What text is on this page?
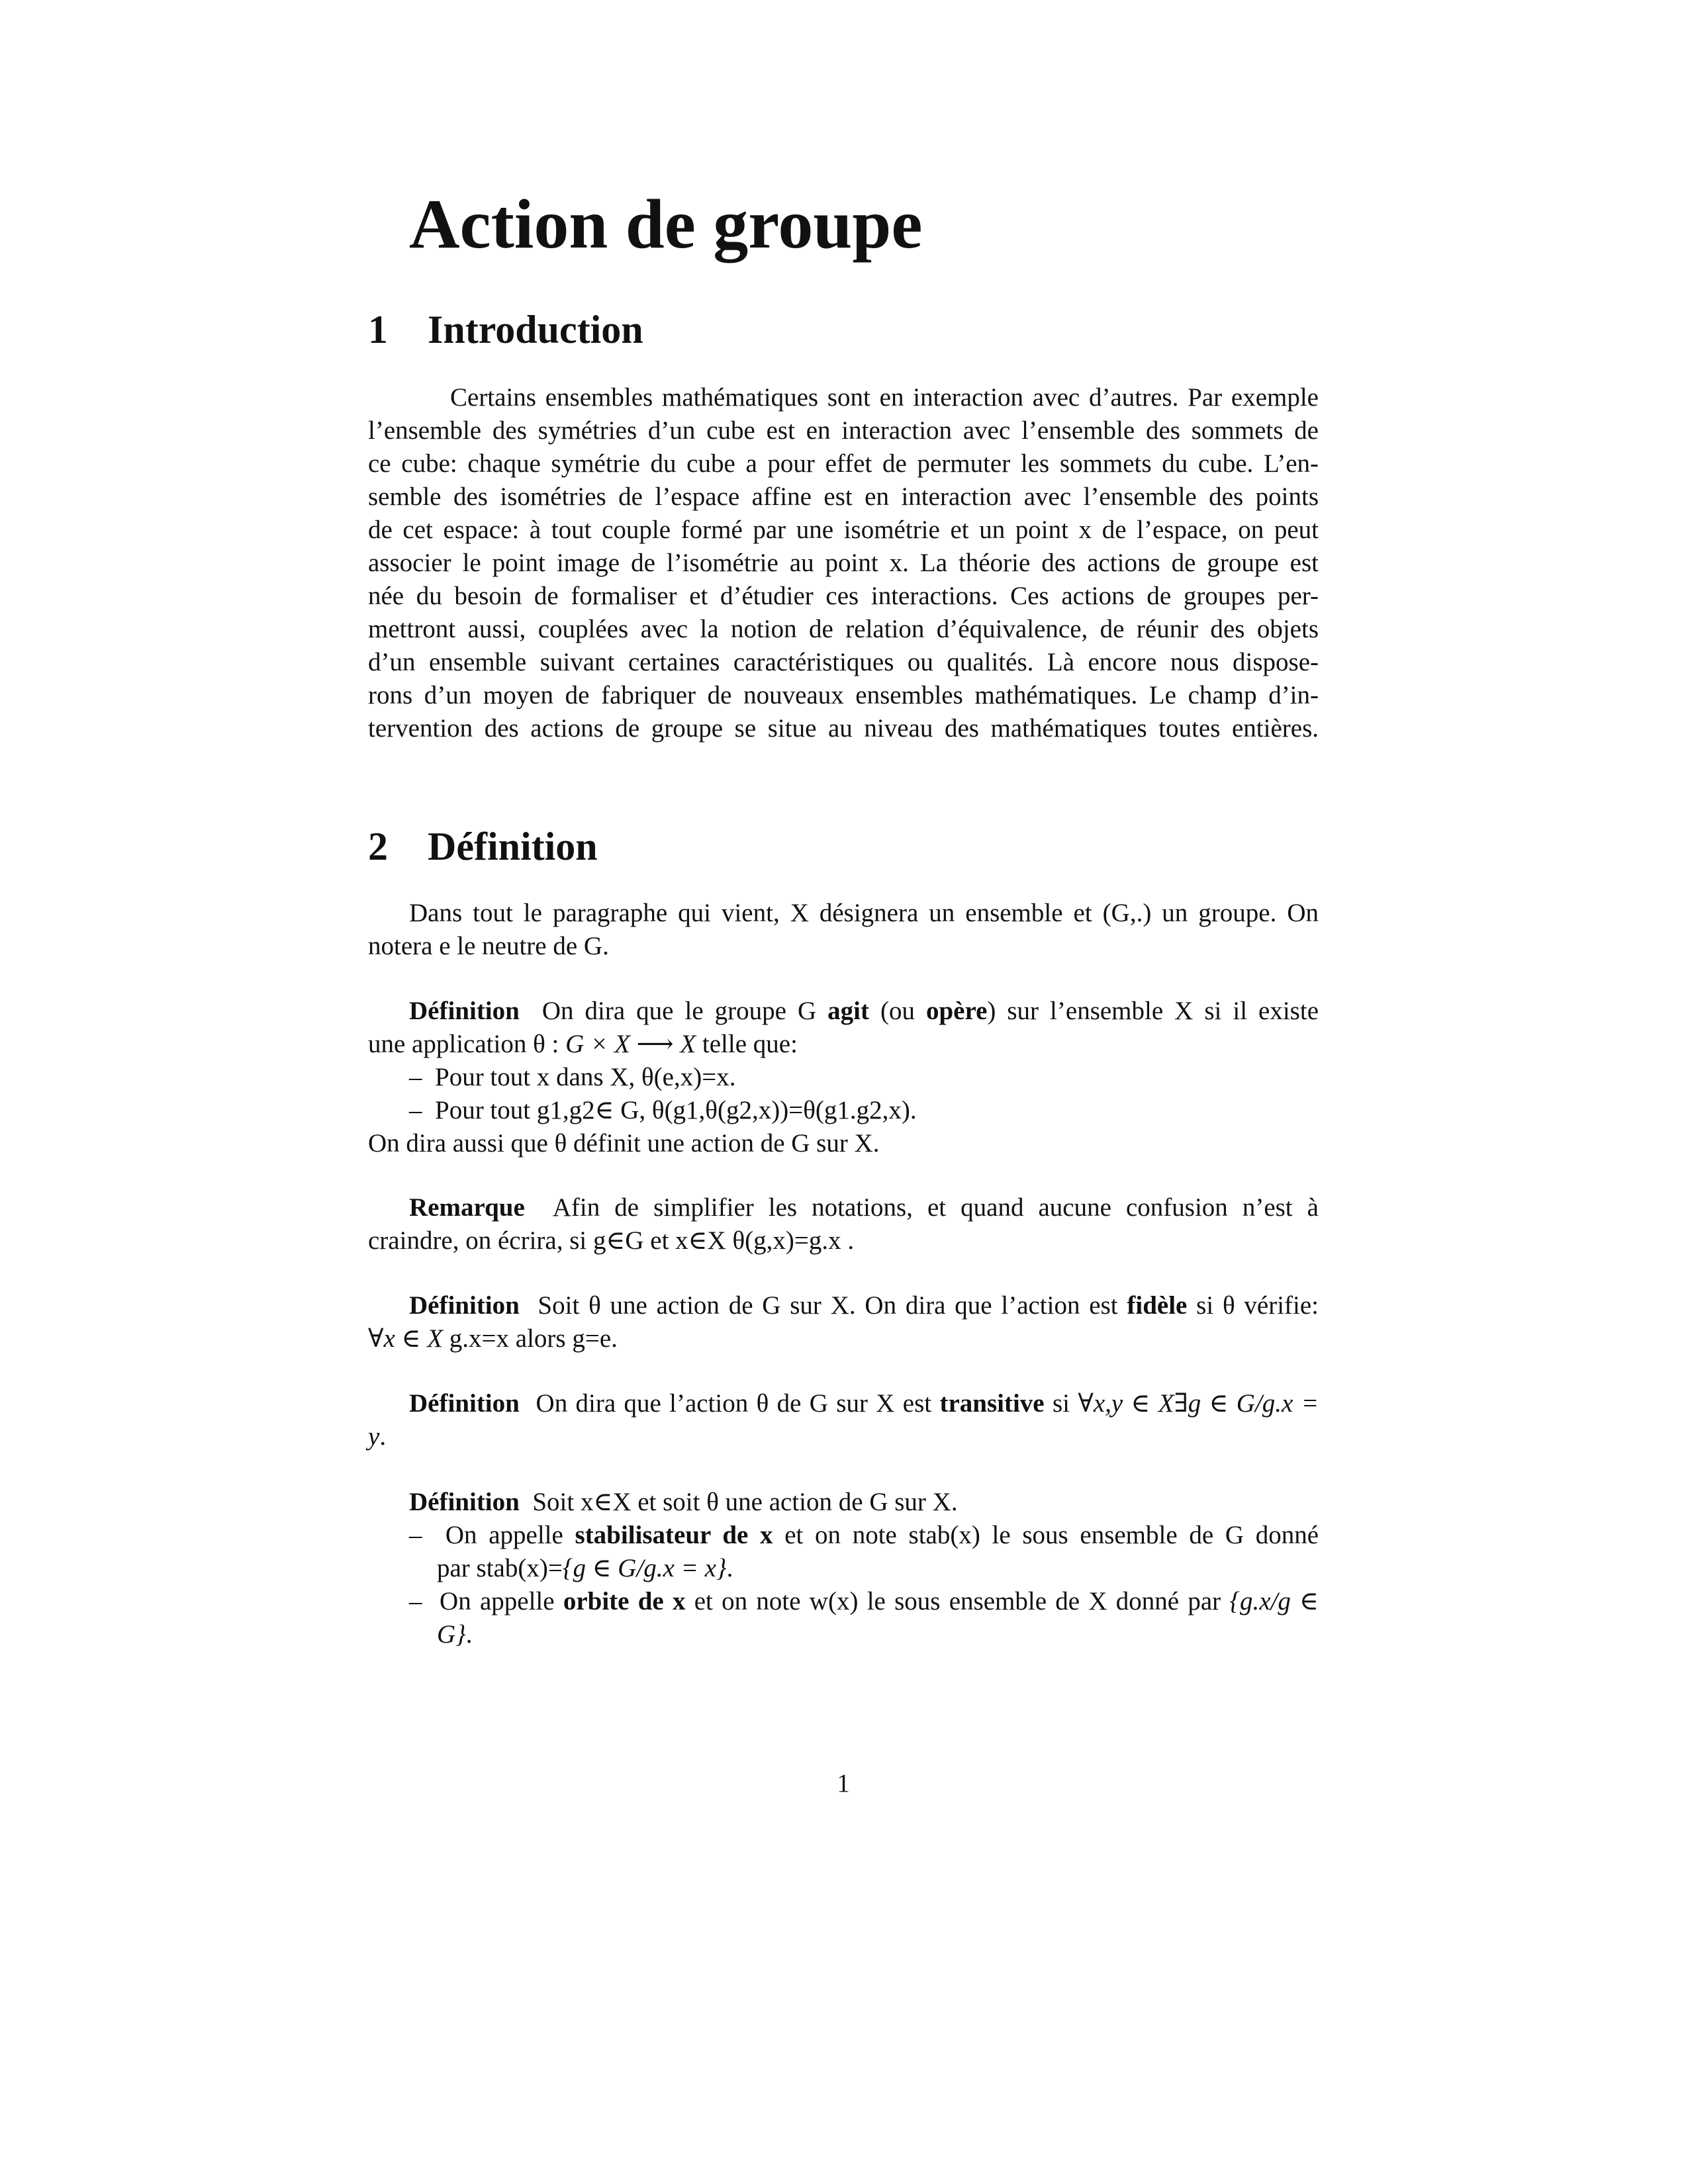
Action de groupe
1 Introduction

Certains ensembles mathématiques sont en interaction avec d’autres. Par exemple
l’ensemble des symétries d’un cube est en interaction avec l’ensemble des sommets de
ce cube: chaque symétrie du cube a pour effet de permuter les sommets du cube. L’en-
semble des isométries de l’espace affine est en interaction avec l’ensemble des points
de cet espace: à tout couple formé par une isométrie et un point x de l’espace, on peut
associer le point image de l’isométrie au point x. La théorie des actions de groupe est
née du besoin de formaliser et d’étudier ces interactions. Ces actions de groupes per-
mettront aussi, couplées avec la notion de relation d’équivalence, de réunir des objets
d’un ensemble suivant certaines caractéristiques ou qualités. Là encore nous dispose-
rons d’un moyen de fabriquer de nouveaux ensembles mathématiques. Le champ d’in-
tervention des actions de groupe se situe au niveau des mathématiques toutes entières.

2 Définition

Dans tout le paragraphe qui vient, X désignera un ensemble et (G,.) un groupe. On
notera e le neutre de G.

Définition On dira que le groupe G agit (ou opère) sur l’ensemble X si il existe
une application θ : G × X ⟶ X telle que:
– Pour tout x dans X, θ(e,x)=x.
– Pour tout g1,g2∈ G, θ(g1,θ(g2,x))=θ(g1.g2,x).
On dira aussi que θ définit une action de G sur X.
Remarque Afin de simplifier les notations, et quand aucune confusion n’est à
craindre, on écrira, si g∈G et x∈X θ(g,x)=g.x .
Définition Soit θ une action de G sur X. On dira que l’action est fidèle si θ vérifie:
∀x ∈ X g.x=x alors g=e.
Définition On dira que l’action θ de G sur X est transitive si ∀x,y ∈ X∃g ∈ G/g.x =
y.
Définition Soit x∈X et soit θ une action de G sur X.
– On appelle stabilisateur de x et on note stab(x) le sous ensemble de G donné
par stab(x)={g ∈ G/g.x = x}.
– On appelle orbite de x et on note w(x) le sous ensemble de X donné par {g.x/g ∈
G}.
1
